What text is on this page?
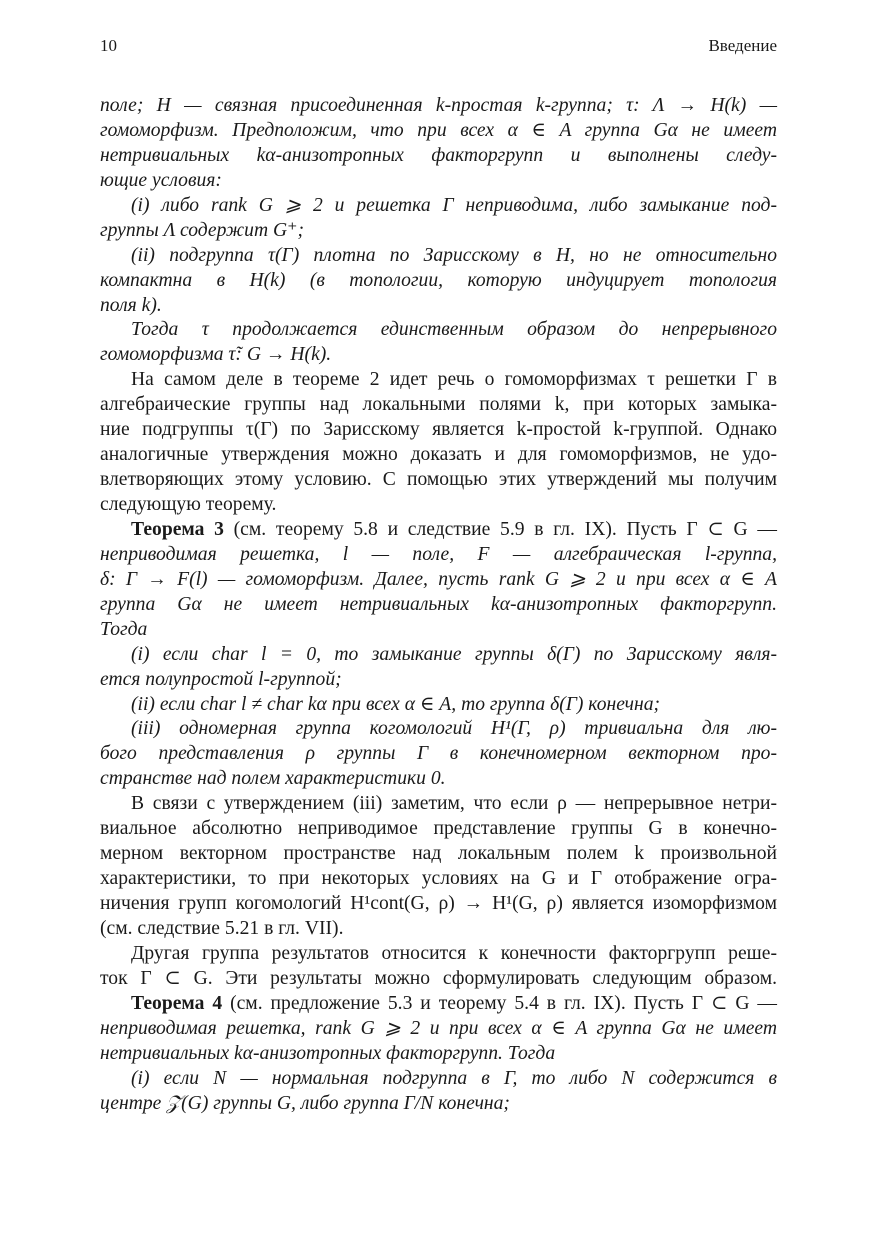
10	Введение
поле; H — связная присоединенная k-простая k-группа; τ: Λ → H(k) —
гомоморфизм. Предположим, что при всех α ∈ A группа Gα не имеет
нетривиальных kα-анизотропных факторгрупп и выполнены следу-
ющие условия:
(i) либо rank G ⩾ 2 и решетка Γ неприводима, либо замыкание под-
группы Λ содержит G⁺;
(ii) подгруппа τ(Γ) плотна по Зарисскому в H, но не относительно
компактна в H(k) (в топологии, которую индуцирует топология
поля k).
Тогда τ продолжается единственным образом до непрерывного
гомоморфизма τ̃: G → H(k).
На самом деле в теореме 2 идет речь о гомоморфизмах τ решетки Γ в
алгебраические группы над локальными полями k, при которых замыка-
ние подгруппы τ(Γ) по Зарисскому является k-простой k-группой. Однако
аналогичные утверждения можно доказать и для гомоморфизмов, не удо-
влетворяющих этому условию. С помощью этих утверждений мы получим
следующую теорему.
Теорема 3 (см. теорему 5.8 и следствие 5.9 в гл. IX). Пусть Γ ⊂ G —
неприводимая решетка, l — поле, F — алгебраическая l-группа,
δ: Γ → F(l) — гомоморфизм. Далее, пусть rank G ⩾ 2 и при всех α ∈ A
группа Gα не имеет нетривиальных kα-анизотропных факторгрупп.
Тогда
(i) если char l = 0, то замыкание группы δ(Γ) по Зарисскому явля-
ется полупростой l-группой;
(ii) если char l ≠ char kα при всех α ∈ A, то группа δ(Γ) конечна;
(iii) одномерная группа когомологий H¹(Γ, ρ) тривиальна для лю-
бого представления ρ группы Γ в конечномерном векторном про-
странстве над полем характеристики 0.
В связи с утверждением (iii) заметим, что если ρ — непрерывное нетри-
виальное абсолютно неприводимое представление группы G в конечно-
мерном векторном пространстве над локальным полем k произвольной
характеристики, то при некоторых условиях на G и Γ отображение огра-
ничения групп когомологий H¹cont(G, ρ) → H¹(G, ρ) является изоморфизмом
(см. следствие 5.21 в гл. VII).
Другая группа результатов относится к конечности факторгрупп реше-
ток Γ ⊂ G. Эти результаты можно сформулировать следующим образом.
Теорема 4 (см. предложение 5.3 и теорему 5.4 в гл. IX). Пусть Γ ⊂ G —
неприводимая решетка, rank G ⩾ 2 и при всех α ∈ A группа Gα не имеет
нетривиальных kα-анизотропных факторгрупп. Тогда
(i) если N — нормальная подгруппа в Γ, то либо N содержится в
центре 𝒵(G) группы G, либо группа Γ/N конечна;
